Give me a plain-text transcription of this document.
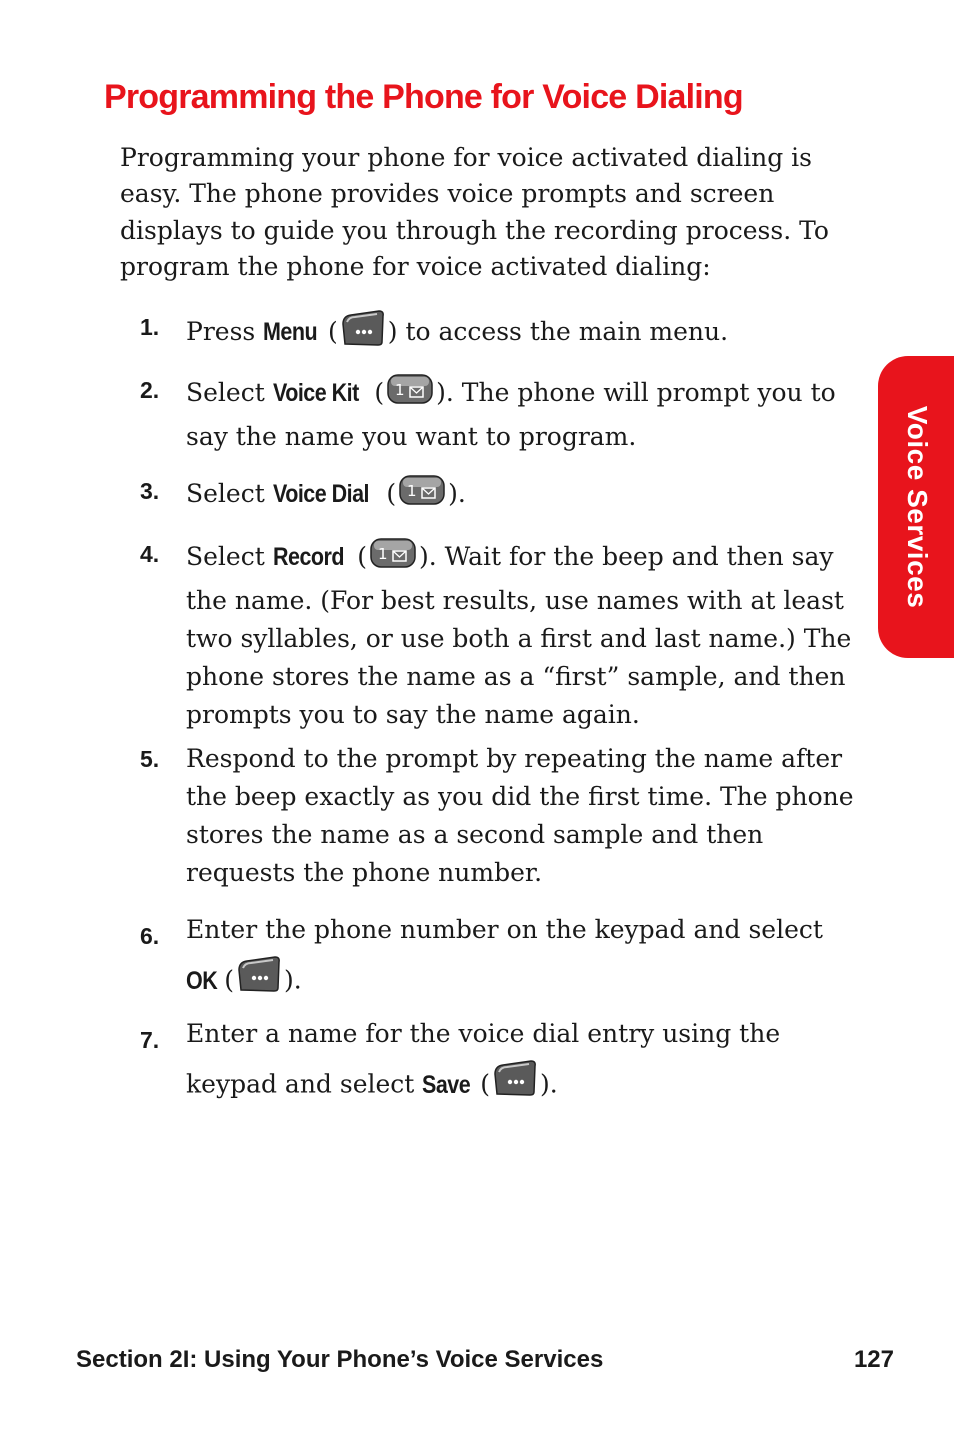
Programming the Phone for Voice Dialing

Programming your phone for voice activated dialing is easy. The phone provides voice prompts and screen displays to guide you through the recording process. To program the phone for voice activated dialing:

1. Press Menu ( ) to access the main menu.
2. Select Voice Kit ( 1 ). The phone will prompt you to say the name you want to program.
3. Select Voice Dial ( 1 ).
4. Select Record ( 1 ). Wait for the beep and then say the name. (For best results, use names with at least two syllables, or use both a first and last name.) The phone stores the name as a “first” sample, and then prompts you to say the name again.
5. Respond to the prompt by repeating the name after the beep exactly as you did the first time. The phone stores the name as a second sample and then requests the phone number.
6. Enter the phone number on the keypad and select OK ( ).
7. Enter a name for the voice dial entry using the keypad and select Save ( ).
Voice Services
Section 2I: Using Your Phone’s Voice Services	127
